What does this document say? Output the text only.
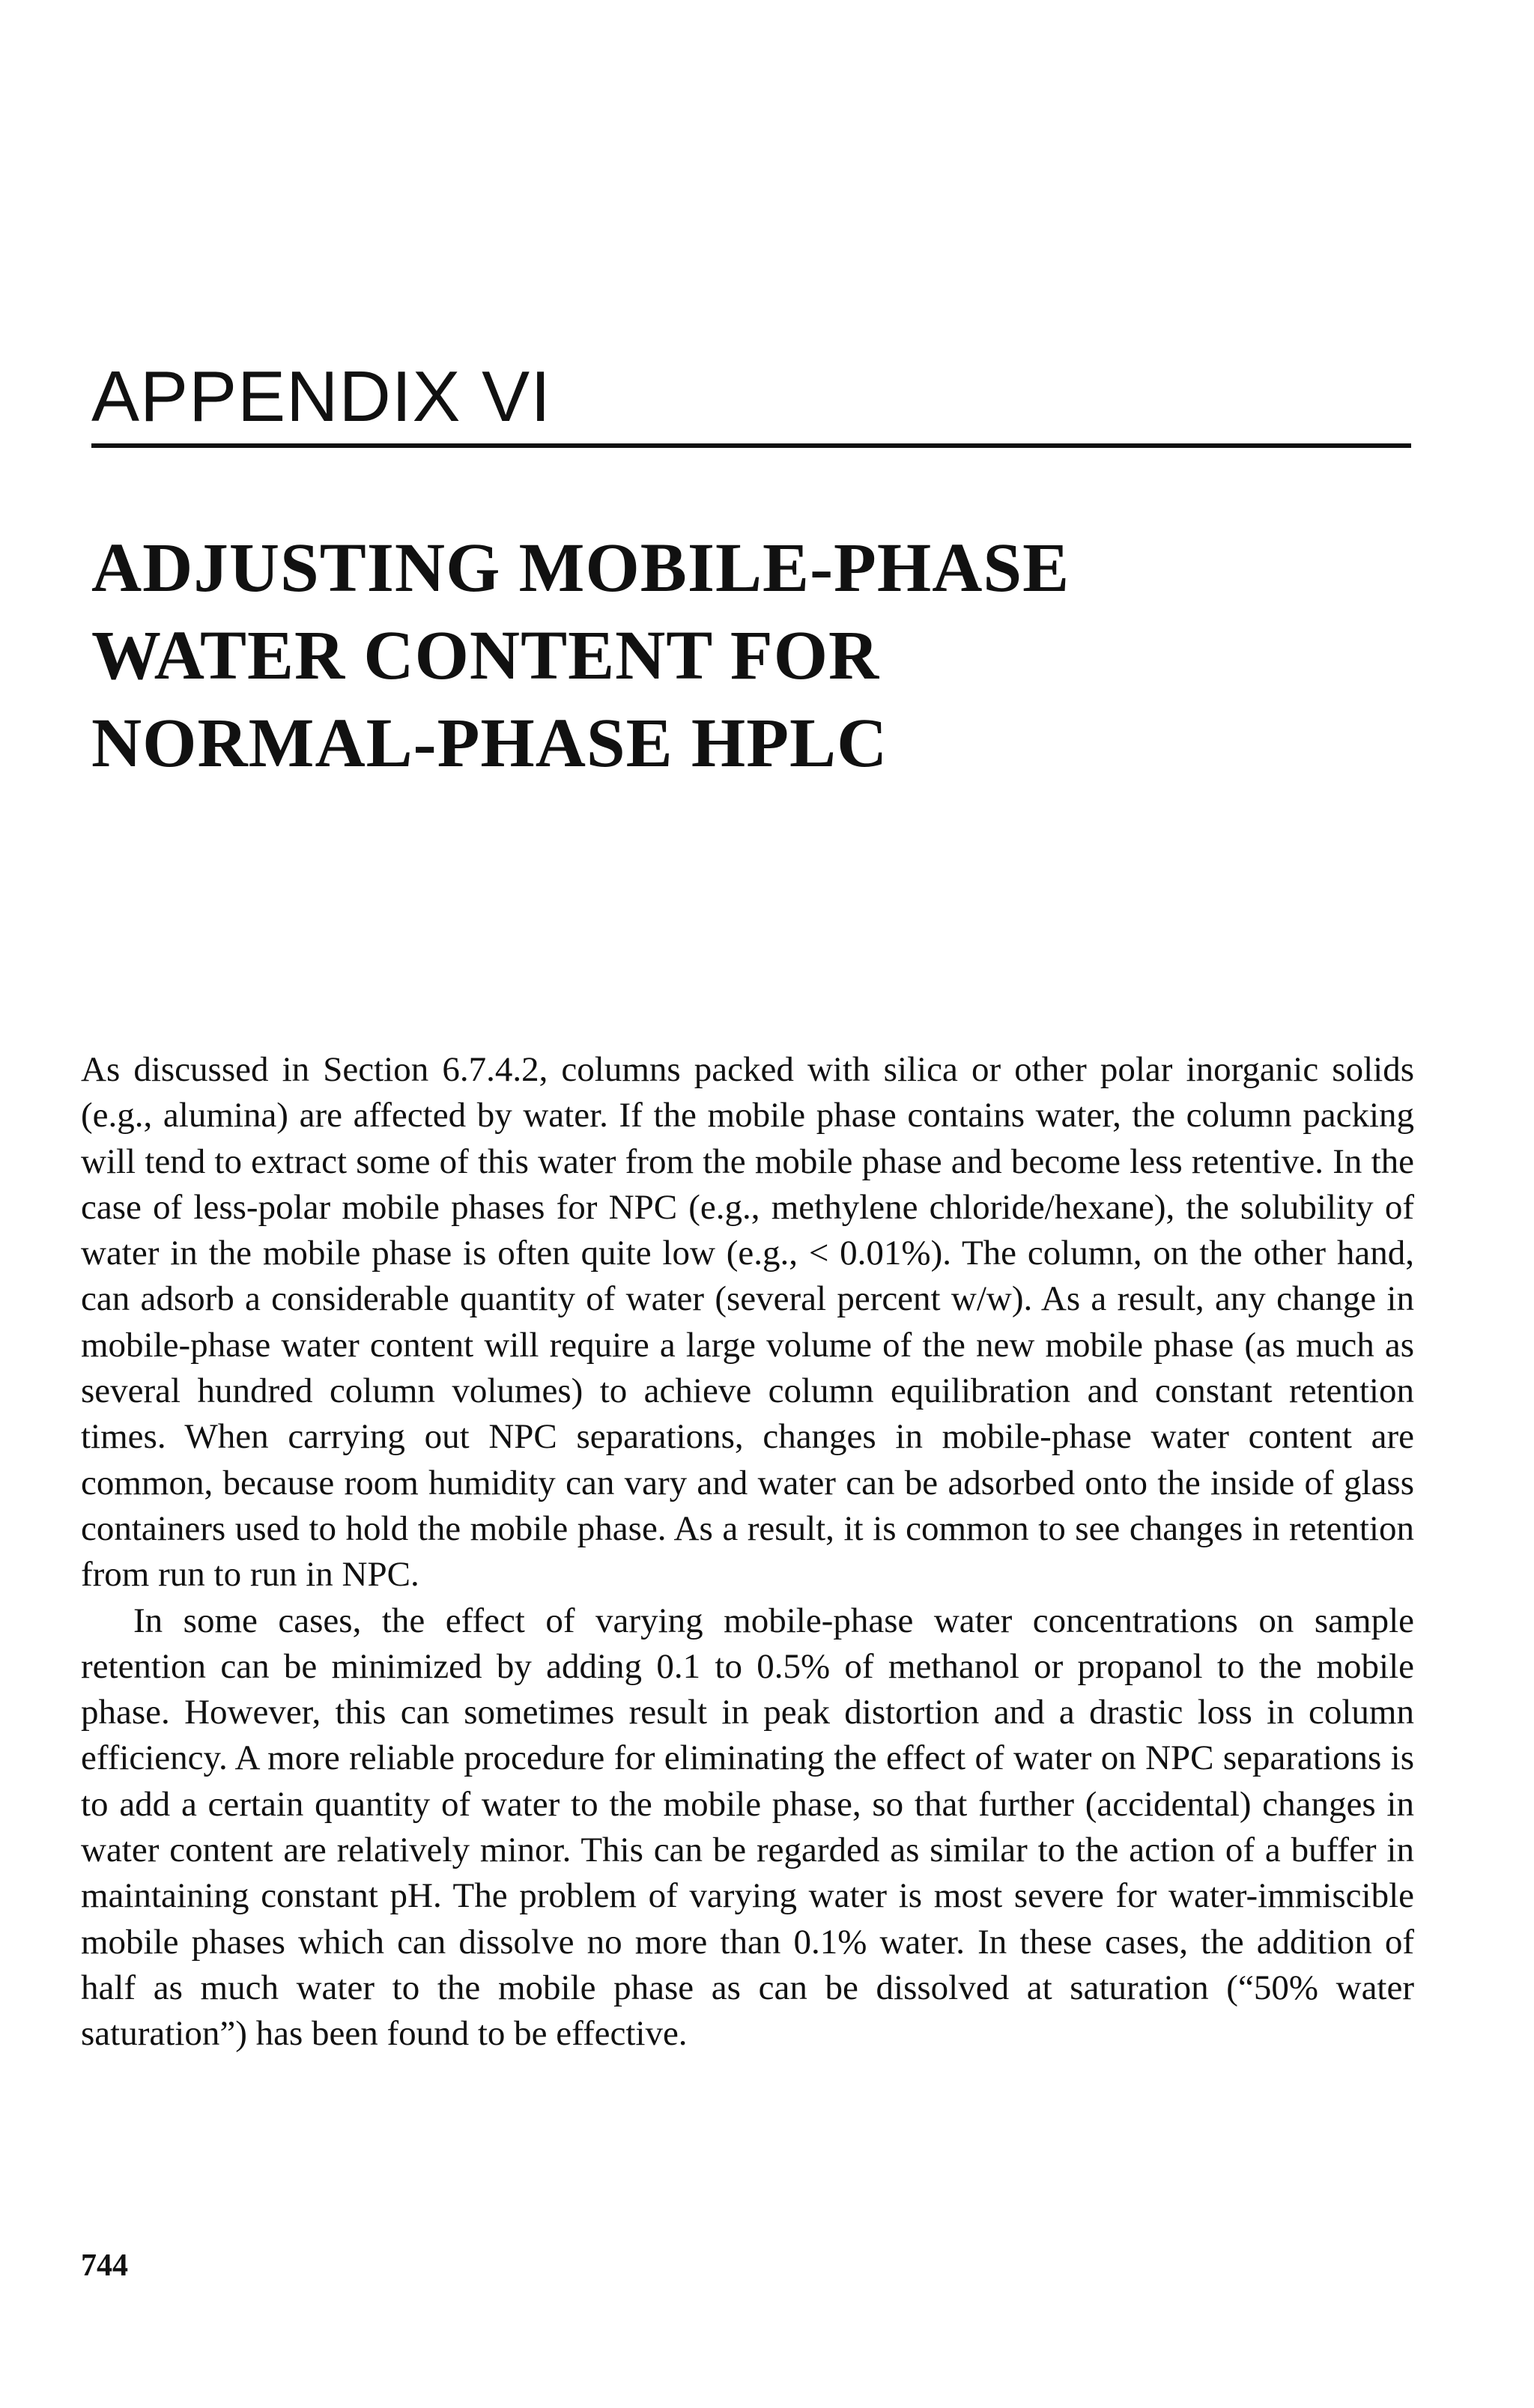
APPENDIX VI
ADJUSTING MOBILE-PHASE
WATER CONTENT FOR
NORMAL-PHASE HPLC

As discussed in Section 6.7.4.2, columns packed with silica or other polar inorganic solids (e.g., alumina) are affected by water. If the mobile phase contains water, the column packing will tend to extract some of this water from the mobile phase and become less retentive. In the case of less-polar mobile phases for NPC (e.g., methylene chloride/hexane), the solubility of water in the mobile phase is often quite low (e.g., < 0.01%). The column, on the other hand, can adsorb a considerable quantity of water (several percent w/w). As a result, any change in mobile-phase water content will require a large volume of the new mobile phase (as much as several hundred column volumes) to achieve column equilibration and constant retention times. When carrying out NPC separations, changes in mobile-phase water content are common, because room humidity can vary and water can be adsorbed onto the inside of glass containers used to hold the mobile phase. As a result, it is common to see changes in retention from run to run in NPC.

In some cases, the effect of varying mobile-phase water concentrations on sample retention can be minimized by adding 0.1 to 0.5% of methanol or propanol to the mobile phase. However, this can sometimes result in peak distortion and a drastic loss in column efficiency. A more reliable procedure for eliminating the effect of water on NPC separations is to add a certain quantity of water to the mobile phase, so that further (accidental) changes in water content are relatively minor. This can be regarded as similar to the action of a buffer in maintaining constant pH. The problem of varying water is most severe for water-immiscible mobile phases which can dissolve no more than 0.1% water. In these cases, the addition of half as much water to the mobile phase as can be dissolved at saturation (“50% water saturation”) has been found to be effective.

744
